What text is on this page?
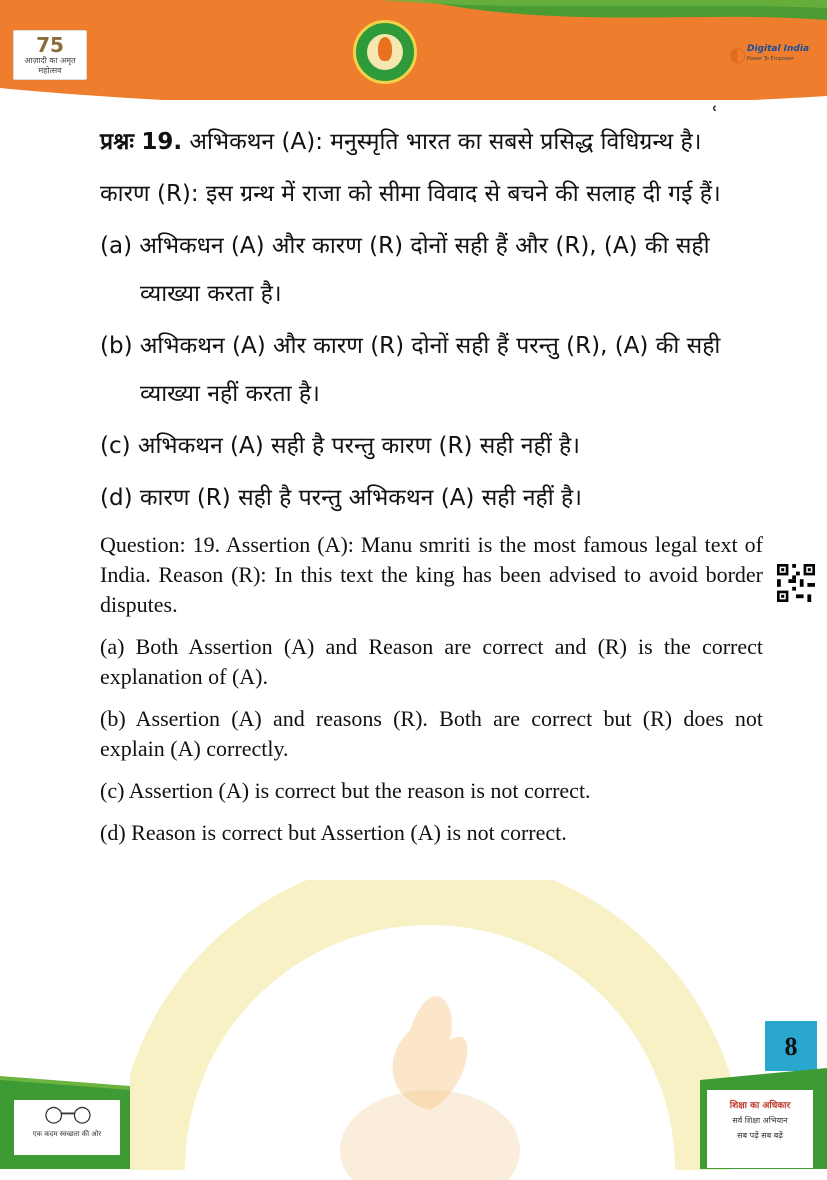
75
आज़ादी का अमृत महोत्सव
◐ Digital India
Power To Empower
˓

प्रश्नः 19. अभिकथन (A): मनुस्मृति भारत का सबसे प्रसिद्ध विधिग्रन्थ है।

कारण (R): इस ग्रन्थ में राजा को सीमा विवाद से बचने की सलाह दी गई हैं।

(a) अभिकधन (A) और कारण (R) दोनों सही हैं और (R), (A) की सही व्याख्या करता है।

(b) अभिकथन (A) और कारण (R) दोनों सही हैं परन्तु (R), (A) की सही व्याख्या नहीं करता है।

(c) अभिकथन (A) सही है परन्तु कारण (R) सही नहीं है।

(d) कारण (R) सही है परन्तु अभिकथन (A) सही नहीं है।

Question: 19. Assertion (A): Manu smriti is the most famous legal text of India. Reason (R): In this text the king has been advised to avoid border disputes.

(a) Both Assertion (A) and Reason are correct and (R) is the correct explanation of (A).

(b) Assertion (A) and reasons (R). Both are correct but (R) does not explain (A) correctly.

(c) Assertion (A) is correct but the reason is not correct.

(d) Reason is correct but Assertion (A) is not correct.

8
○─○
एक कदम स्वच्छता की ओर
शिक्षा का अधिकार
सर्व शिक्षा अभियान
सब पढ़ें सब बढ़ें
